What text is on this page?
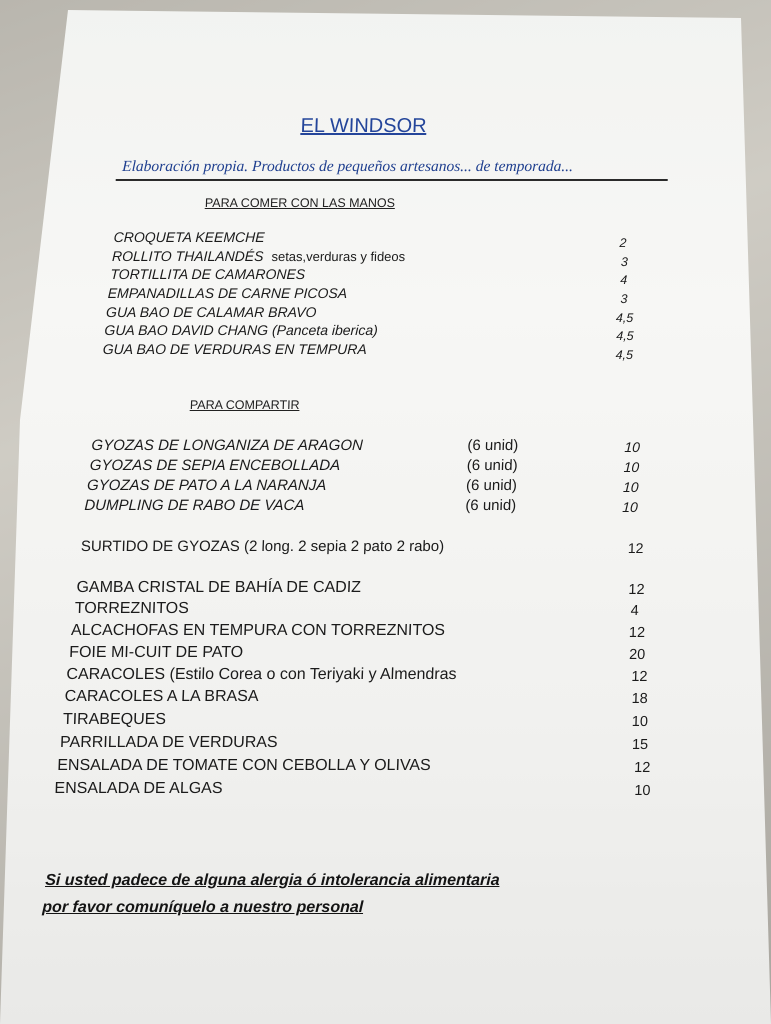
EL WINDSOR
Elaboración propia. Productos de pequeños artesanos... de temporada...
PARA COMER CON LAS MANOS
CROQUETA KEEMCHE	2
ROLLITO THAILANDÉS setas,verduras y fideos	3
TORTILLITA DE CAMARONES	4
EMPANADILLAS DE CARNE PICOSA	3
GUA BAO DE CALAMAR BRAVO	4,5
GUA BAO DAVID CHANG (Panceta iberica)	4,5
GUA BAO DE VERDURAS EN TEMPURA	4,5
PARA COMPARTIR
GYOZAS DE LONGANIZA DE ARAGON	(6 unid)	10
GYOZAS DE SEPIA ENCEBOLLADA	(6 unid)	10
GYOZAS DE PATO A LA NARANJA	(6 unid)	10
DUMPLING DE RABO DE VACA	(6 unid)	10
SURTIDO DE GYOZAS (2 long. 2 sepia 2 pato 2 rabo)	12
GAMBA CRISTAL DE BAHÍA DE CADIZ	12
TORREZNITOS	4
ALCACHOFAS EN TEMPURA CON TORREZNITOS	12
FOIE MI-CUIT DE PATO	20
CARACOLES (Estilo Corea o con Teriyaki y Almendras	12
CARACOLES A LA BRASA	18
TIRABEQUES	10
PARRILLADA DE VERDURAS	15
ENSALADA DE TOMATE CON CEBOLLA Y OLIVAS	12
ENSALADA DE ALGAS	10
Si usted padece de alguna alergia ó intolerancia alimentaria
por favor comuníquelo a nuestro personal
